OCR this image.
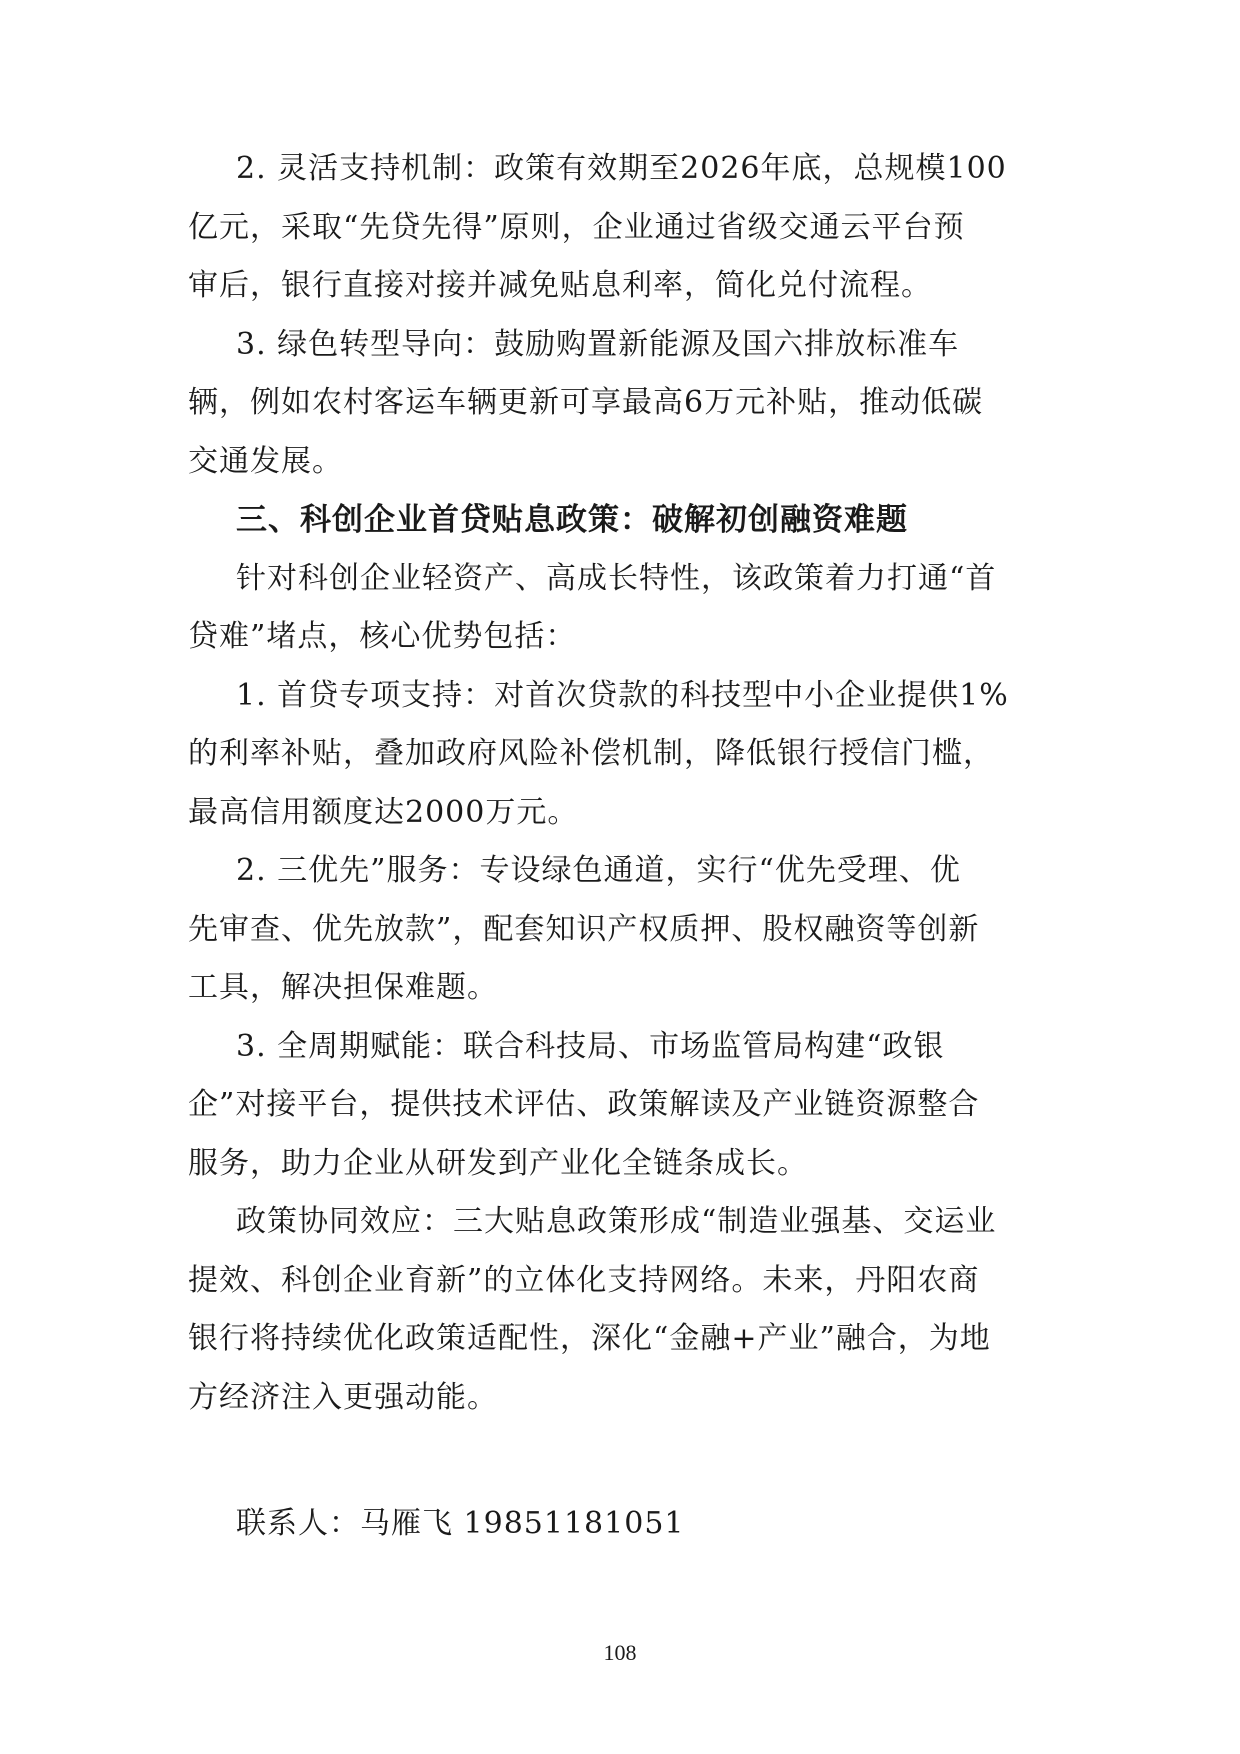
2. 灵活支持机制：政策有效期至2026年底，总规模100
亿元，采取“先贷先得”原则，企业通过省级交通云平台预
审后，银行直接对接并减免贴息利率，简化兑付流程。
3. 绿色转型导向：鼓励购置新能源及国六排放标准车
辆，例如农村客运车辆更新可享最高6万元补贴，推动低碳
交通发展。
三、科创企业首贷贴息政策：破解初创融资难题
针对科创企业轻资产、高成长特性，该政策着力打通“首
贷难”堵点，核心优势包括：
1. 首贷专项支持：对首次贷款的科技型中小企业提供1%
的利率补贴，叠加政府风险补偿机制，降低银行授信门槛，
最高信用额度达2000万元。
2. 三优先”服务：专设绿色通道，实行“优先受理、优
先审查、优先放款”，配套知识产权质押、股权融资等创新
工具，解决担保难题。
3. 全周期赋能：联合科技局、市场监管局构建“政银
企”对接平台，提供技术评估、政策解读及产业链资源整合
服务，助力企业从研发到产业化全链条成长。
政策协同效应：三大贴息政策形成“制造业强基、交运业
提效、科创企业育新”的立体化支持网络。未来，丹阳农商
银行将持续优化政策适配性，深化“金融+产业”融合，为地
方经济注入更强动能。
联系人：马雁飞 19851181051
108
